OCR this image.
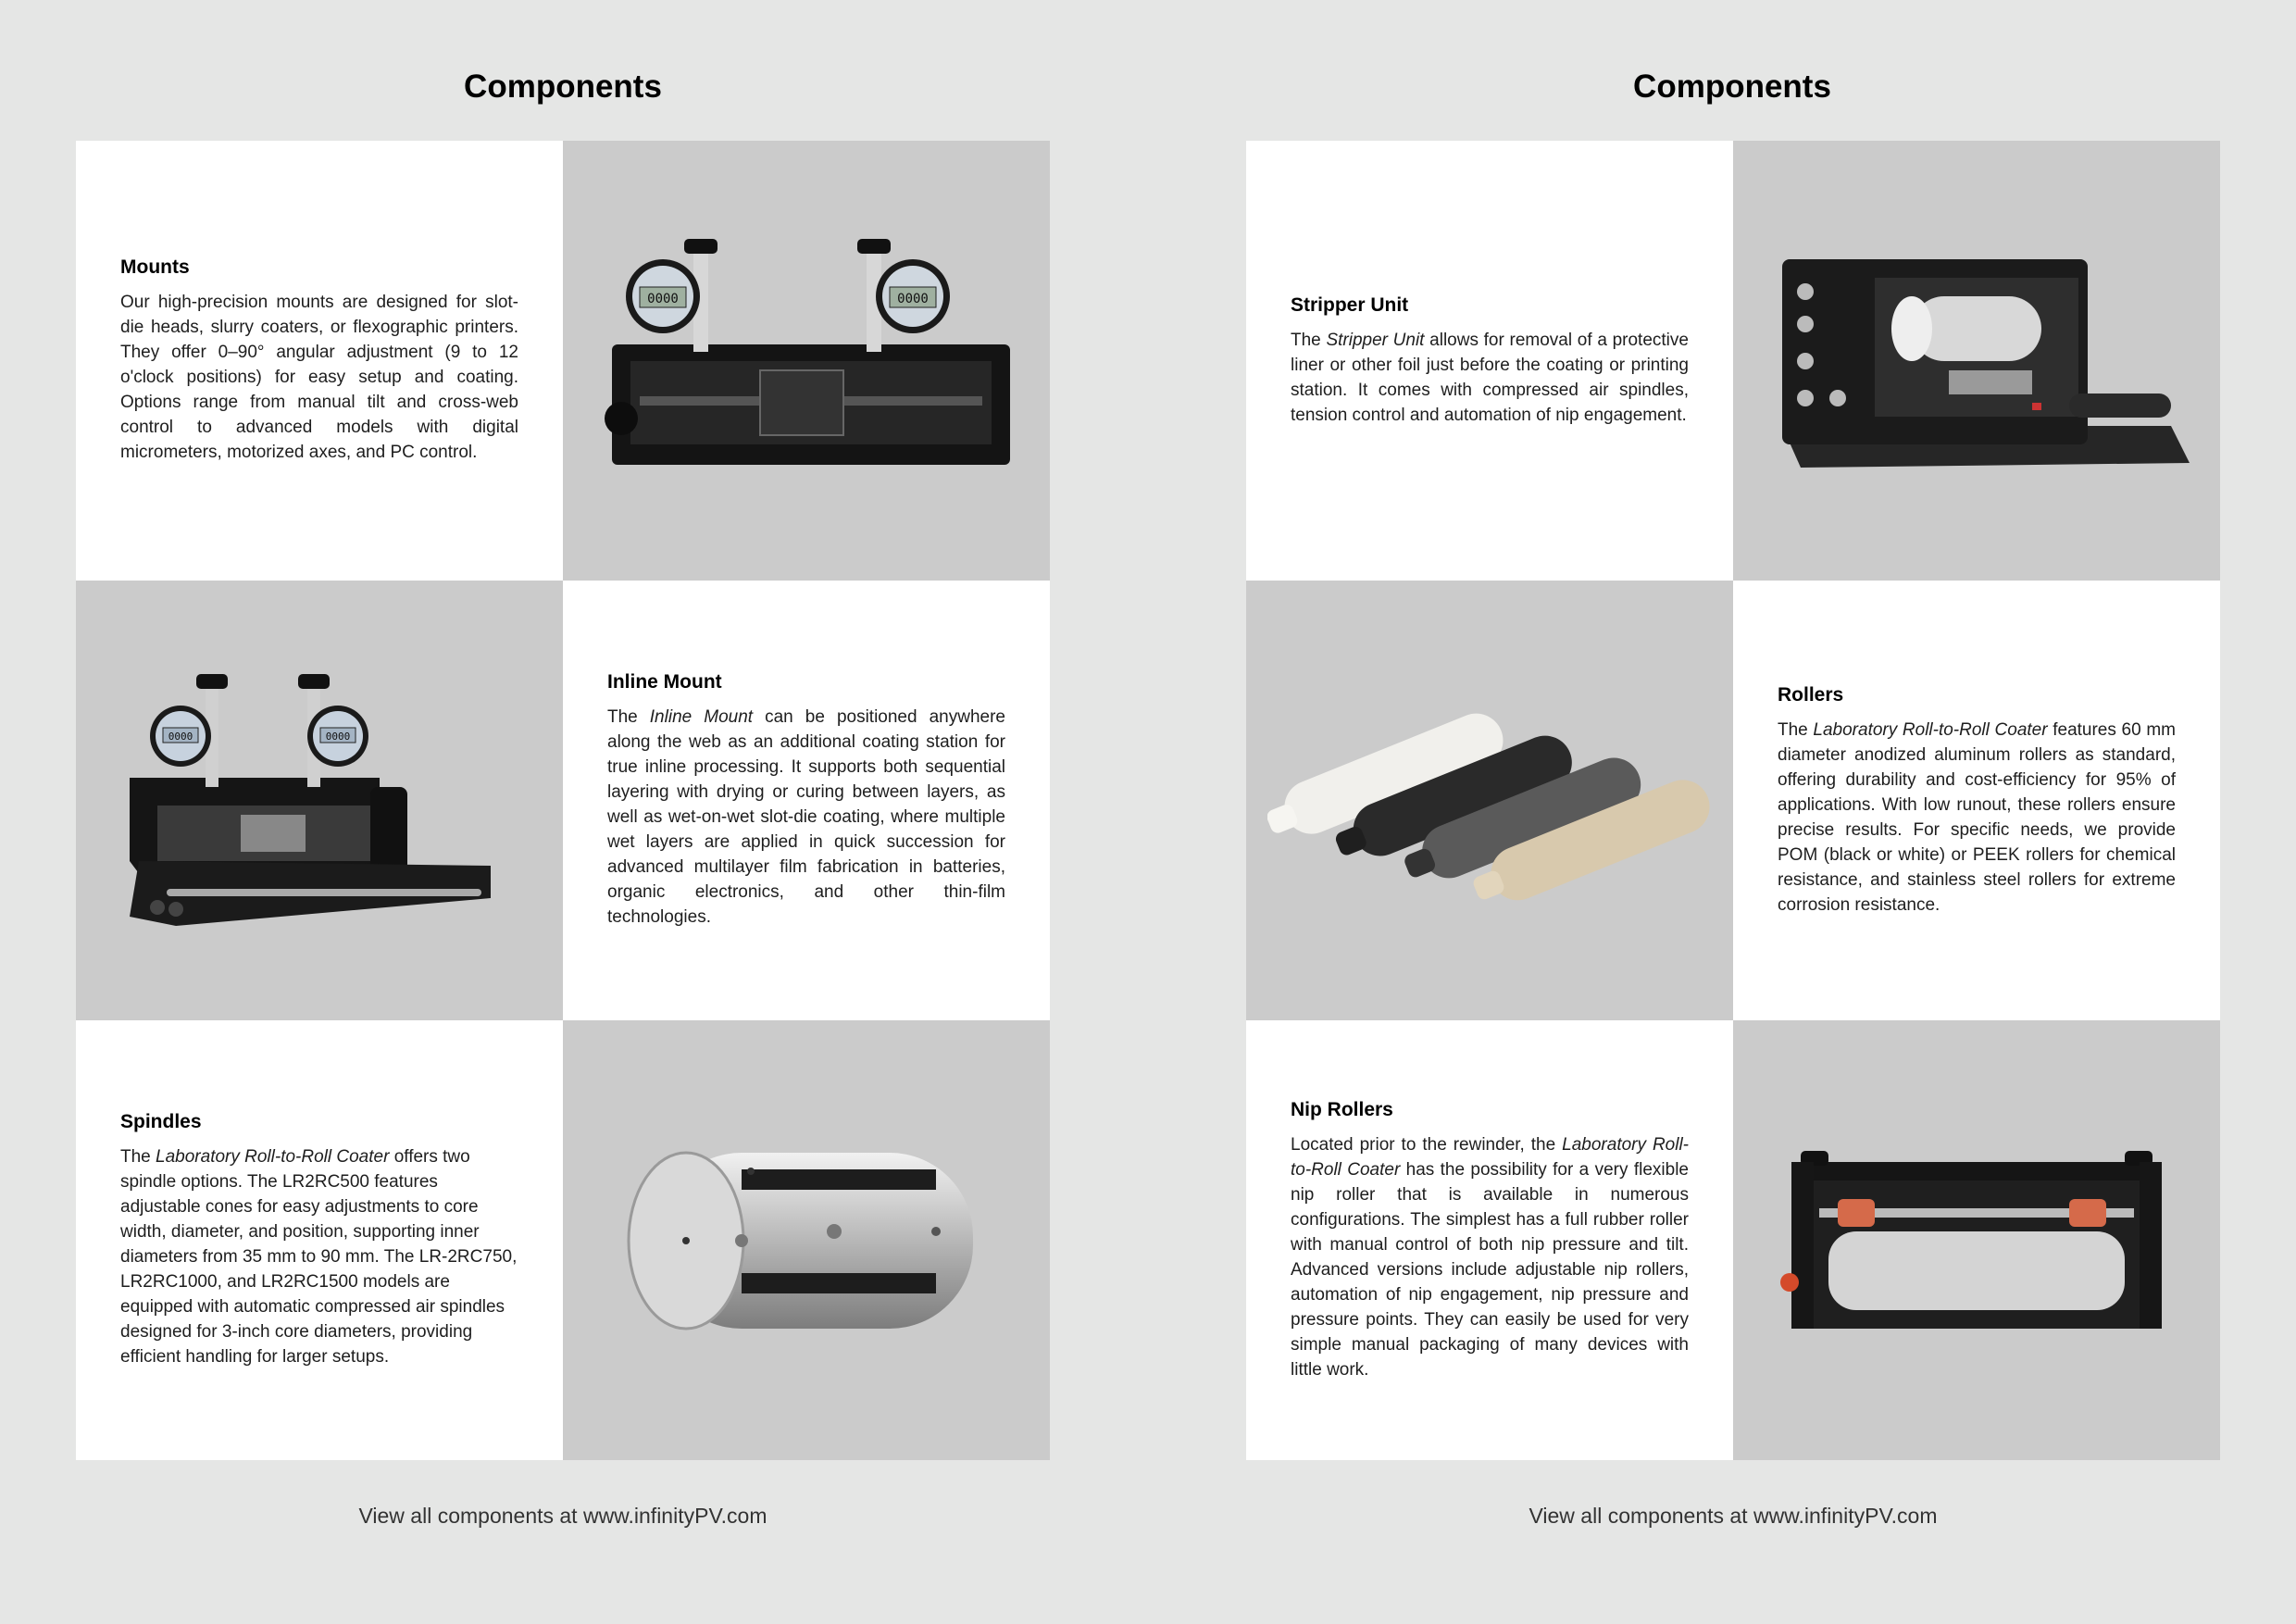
Components
Mounts

Our high-precision mounts are designed for slot-die heads, slurry coaters, or flexographic printers. They offer 0–90° angular adjustment (9 to 12 o'clock positions) for easy setup and coating. Options range from manual tilt and cross-web control to advanced models with digital micrometers, motorized axes, and PC control.

0000	0000
0000	0000
Inline Mount

The Inline Mount can be positioned anywhere along the web as an additional coating station for true inline processing. It supports both sequential layering with drying or curing between layers, as well as wet-on-wet slot-die coating, where multiple wet layers are applied in quick succession for advanced multilayer film fabrication in batteries, organic electronics, and other thin-film technologies.

Spindles

The Laboratory Roll-to-Roll Coater offers two spindle options. The LR2RC500 features adjustable cones for easy adjustments to core width, diameter, and position, supporting inner diameters from 35 mm to 90 mm. The LR-2RC750, LR2RC1000, and LR2RC1500 models are equipped with automatic compressed air spindles designed for 3-inch core diameters, providing efficient handling for larger setups.

View all components at www.infinityPV.com
Components
Stripper Unit

The Stripper Unit allows for removal of a protective liner or other foil just before the coating or printing station. It comes with compressed air spindles, tension control and automation of nip engagement.

Rollers

The Laboratory Roll-to-Roll Coater features 60 mm diameter anodized aluminum rollers as standard, offering durability and cost-efficiency for 95% of applications. With low runout, these rollers ensure precise results. For specific needs, we provide POM (black or white) or PEEK rollers for chemical resistance, and stainless steel rollers for extreme corrosion resistance.

Nip Rollers

Located prior to the rewinder, the Laboratory Roll-to-Roll Coater has the possibility for a very flexible nip roller that is available in numerous configurations. The simplest has a full rubber roller with manual control of both nip pressure and tilt. Advanced versions include adjustable nip rollers, automation of nip engagement, nip pressure and pressure points. They can easily be used for very simple manual packaging of many devices with little work.

View all components at www.infinityPV.com
